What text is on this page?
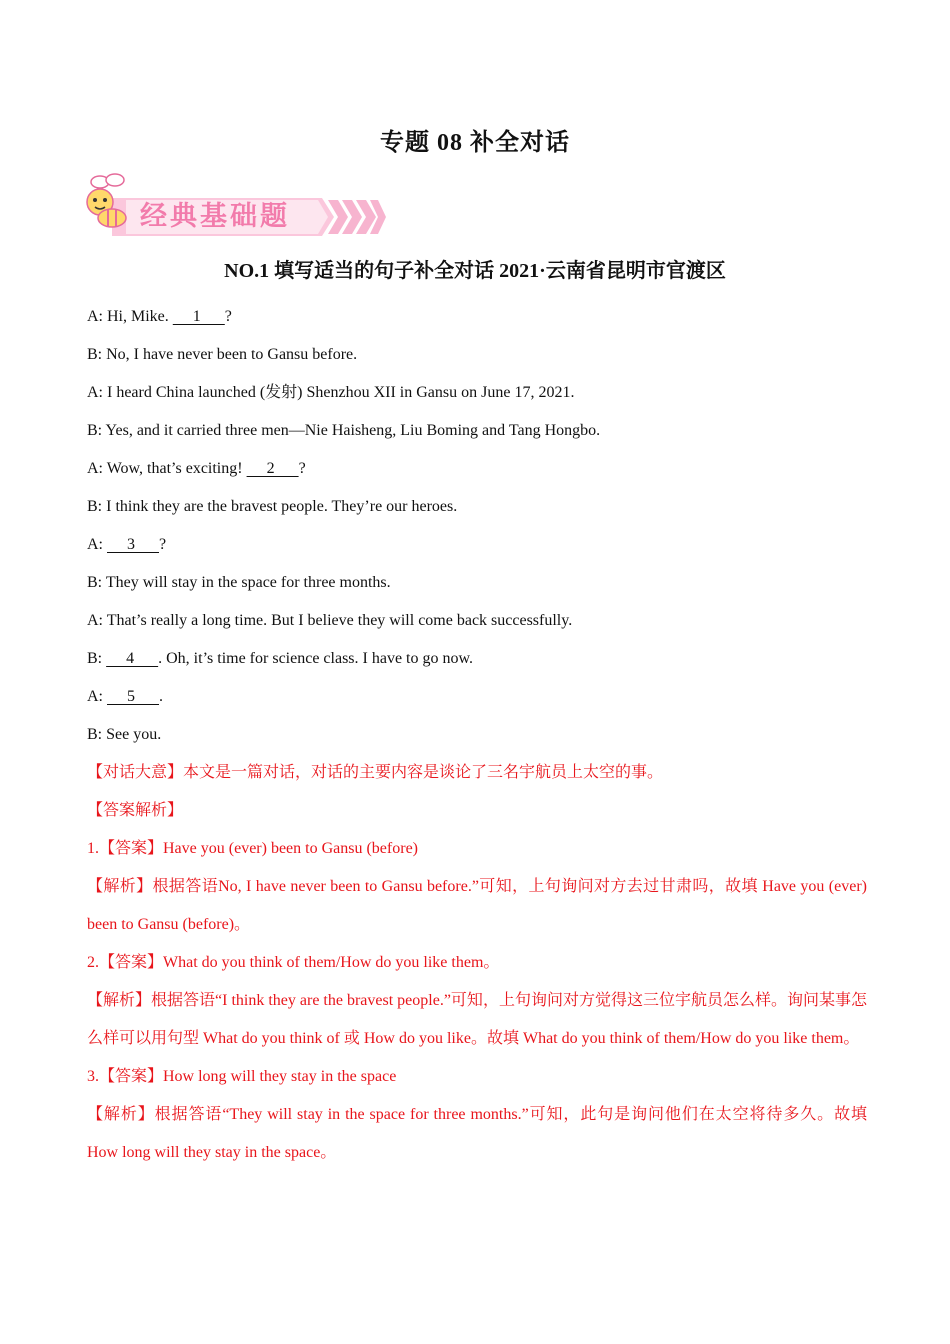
专题 08 补全对话
经典基础题
NO.1 填写适当的句子补全对话 2021·云南省昆明市官渡区
A: Hi, Mike.      1      ?
B: No, I have never been to Gansu before.
A: I heard China launched (发射) Shenzhou XII in Gansu on June 17, 2021.
B: Yes, and it carried three men—Nie Haisheng, Liu Boming and Tang Hongbo.
A: Wow, that’s exciting!      2      ?
B: I think they are the bravest people. They’re our heroes.
A:      3      ?
B: They will stay in the space for three months.
A: That’s really a long time. But I believe they will come back successfully.
B:      4      . Oh, it’s time for science class. I have to go now.
A:      5      .
B: See you.
【对话大意】本文是一篇对话，对话的主要内容是谈论了三名宇航员上太空的事。
【答案解析】
1.【答案】Have you (ever) been to Gansu (before)
【解析】根据答语No, I have never been to Gansu before.”可知，上句询问对方去过甘肃吗，故填 Have you (ever) been to Gansu (before)。
2.【答案】What do you think of them/How do you like them。
【解析】根据答语“I think they are the bravest people.”可知，上句询问对方觉得这三位宇航员怎么样。询问某事怎么样可以用句型 What do you think of 或 How do you like。故填 What do you think of them/How do you like them。
3.【答案】How long will they stay in the space
【解析】根据答语“They will stay in the space for three months.”可知，此句是询问他们在太空将待多久。故填 How long will they stay in the space。
